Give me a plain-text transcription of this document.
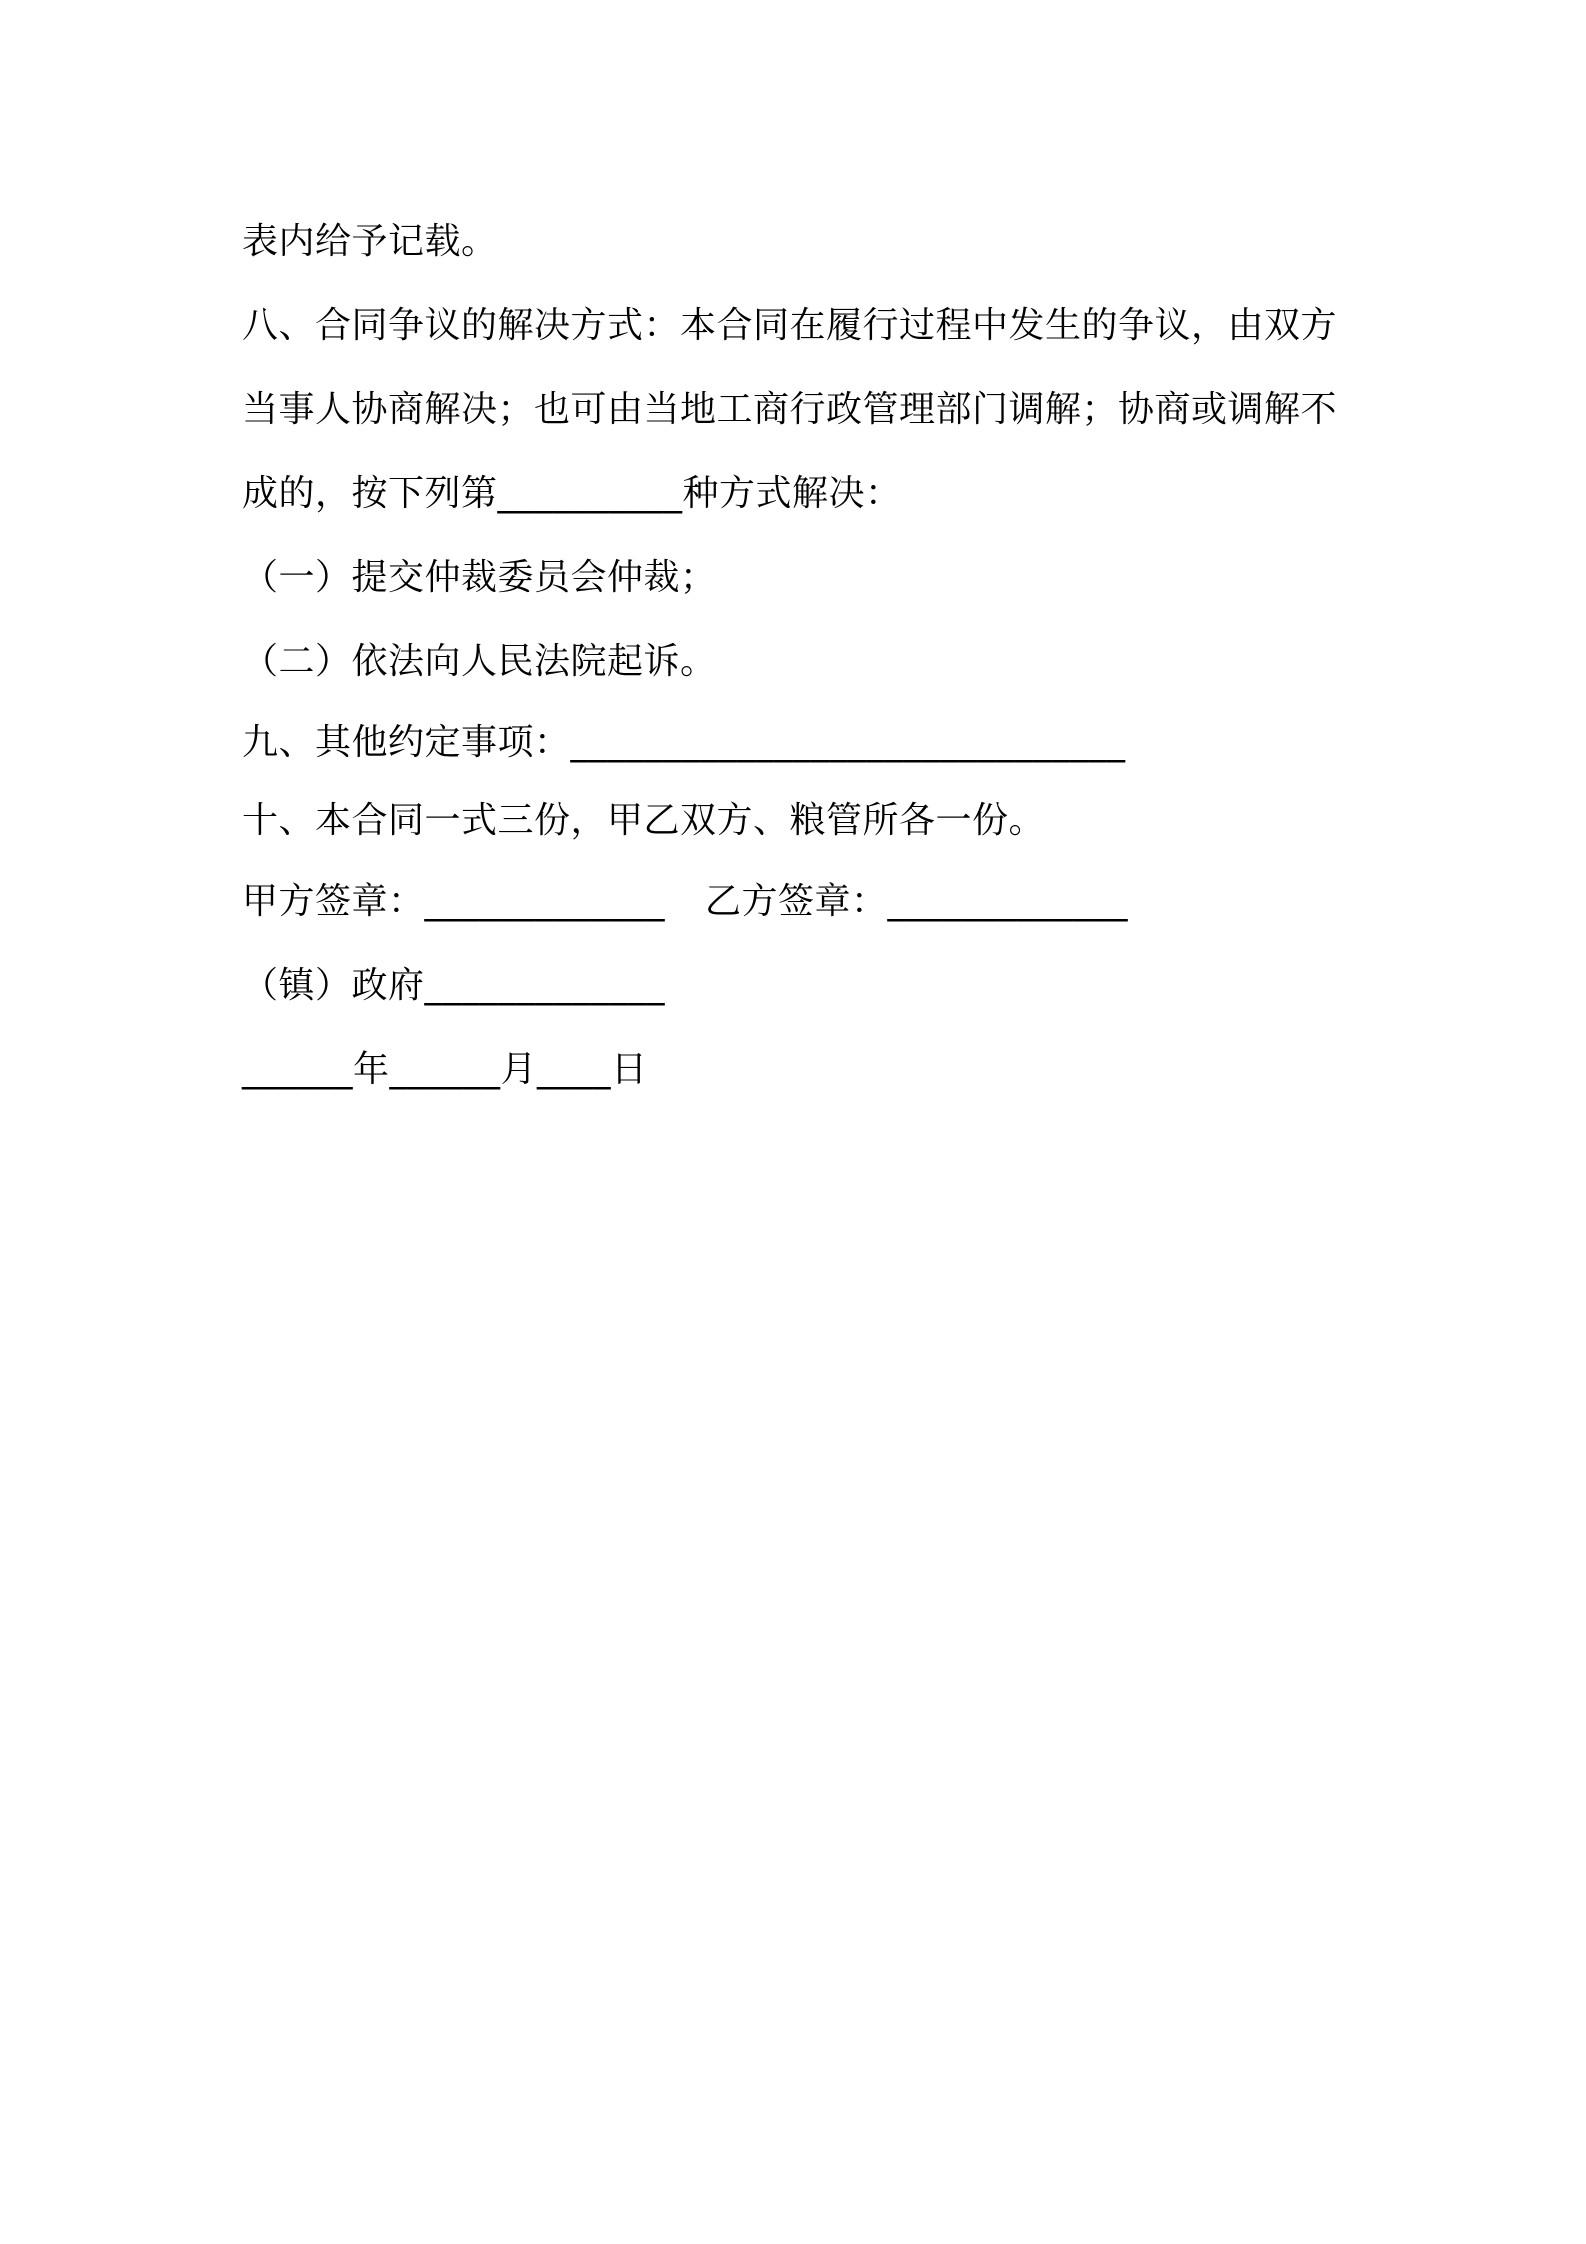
表内给予记载。
八、合同争议的解决方式：本合同在履行过程中发生的争议，由双方
当事人协商解决；也可由当地工商行政管理部门调解；协商或调解不
成的，按下列第__________种方式解决：
（一）提交仲裁委员会仲裁；
（二）依法向人民法院起诉。
九、其他约定事项：______________________________
十、本合同一式三份，甲乙双方、粮管所各一份。
甲方签章：_____________ 乙方签章：_____________
（镇）政府_____________
______年______月____日
